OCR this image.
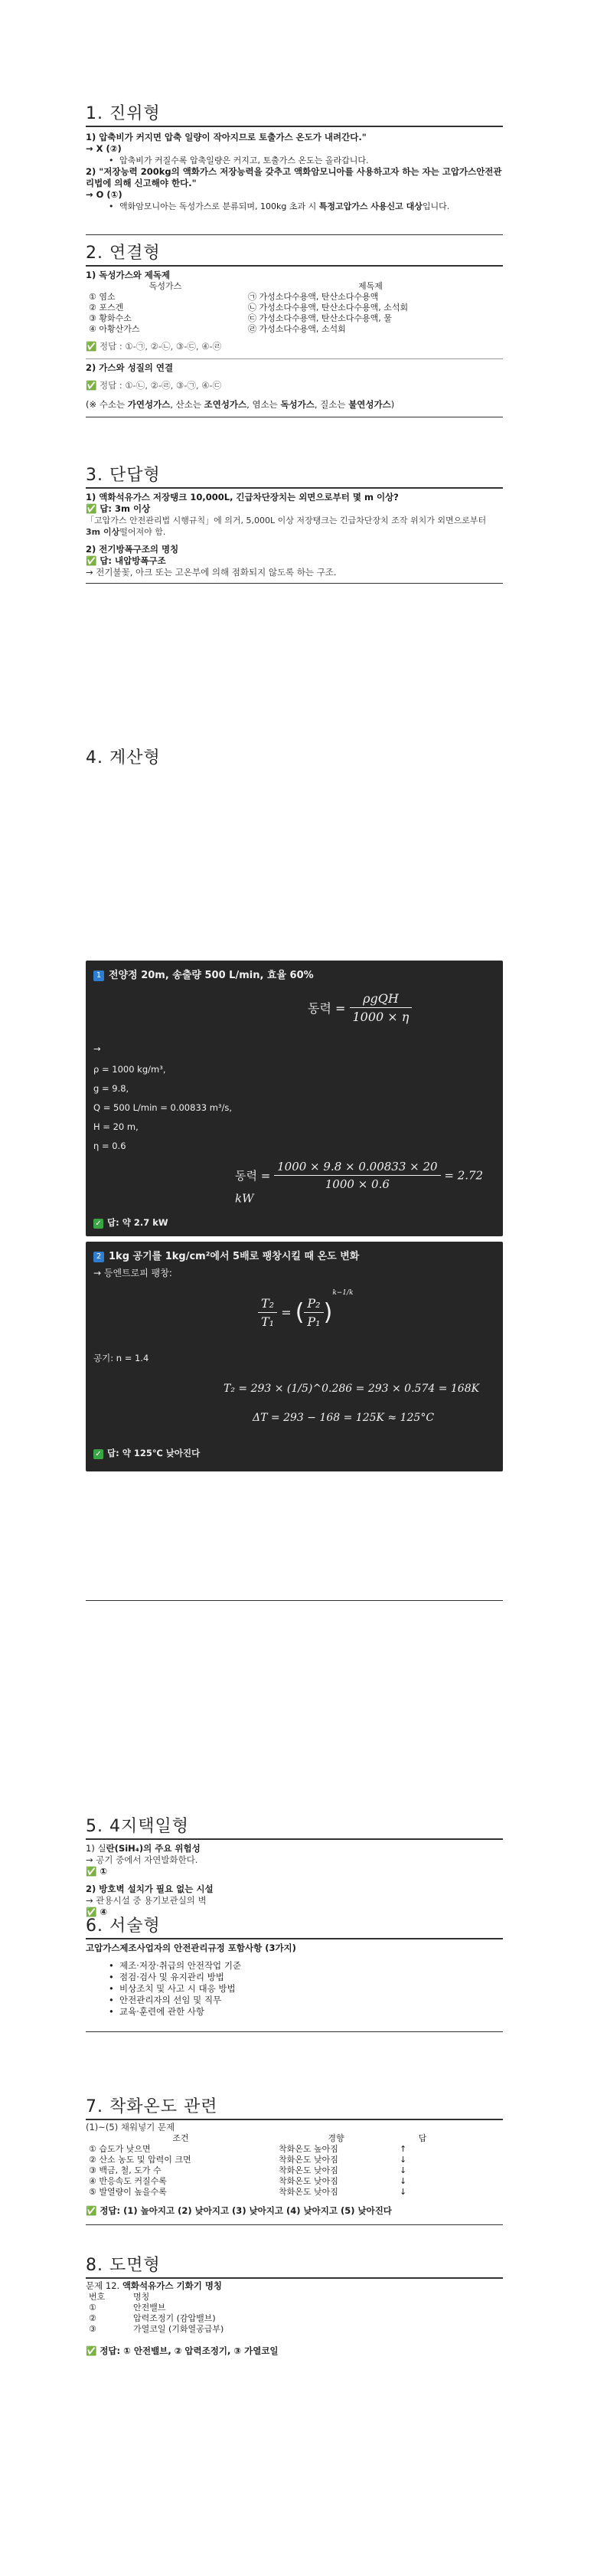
1. 진위형

1) 압축비가 커지면 압축 일량이 작아지므로 토출가스 온도가 내려간다."

→ X (②)

• 압축비가 커질수록 압축일량은 커지고, 토출가스 온도는 올라갑니다.

2) "저장능력 200kg의 액화가스 저장능력을 갖추고 액화암모니아를 사용하고자 하는 자는 고압가스안전관리법에 의해 신고해야 한다."

→ O (①)

• 액화암모니아는 독성가스로 분류되며, 100kg 초과 시 특정고압가스 사용신고 대상입니다.

2. 연결형

1) 독성가스와 제독제

독성가스	제독제
① 염소	㉠ 가성소다수용액, 탄산소다수용액
② 포스겐	㉡ 가성소다수용액, 탄산소다수용액, 소석회
③ 황화수소	㉢ 가성소다수용액, 탄산소다수용액, 물
④ 아황산가스	㉣ 가성소다수용액, 소석회

✅ 정답 : ①-㉠, ②-㉡, ③-㉢, ④-㉣

2) 가스와 성질의 연결

✅ 정답 : ①-㉡, ②-㉣, ③-㉠, ④-㉢

(※ 수소는 가연성가스, 산소는 조연성가스, 염소는 독성가스, 질소는 불연성가스)

3. 단답형

1) 액화석유가스 저장탱크 10,000L, 긴급차단장치는 외면으로부터 몇 m 이상?

✅ 답: 3m 이상

「고압가스 안전관리법 시행규칙」에 의거, 5,000L 이상 저장탱크는 긴급차단장치 조작 위치가 외면으로부터 3m 이상떨어져야 함.

2) 전기방폭구조의 명칭

✅ 답: 내압방폭구조

→ 전기불꽃, 아크 또는 고온부에 의해 점화되지 않도록 하는 구조.

4. 계산형
1 전양정 20m, 송출량 500 L/min, 효율 60%
동력 = $\frac{\text{ρgQH}}{1000 \times \eta}$
→
ρ = 1000 kg/m³,
g = 9.8,
Q = 500 L/min = 0.00833 m³/s,
H = 20 m,
η = 0.6
동력 = $\frac{1000 \times 9.8 \times 0.00833 \times 20}{1000 \times 0.6} = 2.72$ kW
✓ 답: 약 2.7 kW
2 1kg 공기를 1kg/cm²에서 5배로 팽창시킬 때 온도 변화
→ 등엔트로피 팽창:
$\frac{\text{T₂}}{\text{T₁}}$ = ( $\frac{\text{P₂}}{\text{P₁}} )^{k-1/k}$
공기: n = 1.4
T₂ = 293 × (1/5)^0.286 = 293 × 0.574 = 168K
ΔT = 293 − 168 = 125K ≈ 125°C
✓ 답: 약 125℃ 낮아진다
5. 4지택일형

1) 실란(SiH₄)의 주요 위험성

→ 공기 중에서 자연발화한다.

✅ ①

2) 방호벽 설치가 필요 없는 시설

→ 관용시설 중 용기보관실의 벽

✅ ④

6. 서술형

고압가스제조사업자의 안전관리규정 포함사항 (3가지)

• 제조·저장·취급의 안전작업 기준

• 점검·검사 및 유지관리 방법

• 비상조치 및 사고 시 대응 방법

• 안전관리자의 선임 및 직무

• 교육·훈련에 관한 사항

7. 착화온도 관련

(1)~(5) 채워넣기 문제

조건	경향	답
① 습도가 낮으면	착화온도 높아짐	↑
② 산소 농도 및 압력이 크면	착화온도 낮아짐	↓
③ 백금, 철, 도가 수	착화온도 낮아짐	↓
④ 반응속도 커질수록	착화온도 낮아짐	↓
⑤ 발열량이 높을수록	착화온도 낮아짐	↓

✅ 정답: (1) 높아지고 (2) 낮아지고 (3) 낮아지고 (4) 낮아지고 (5) 낮아진다

8. 도면형

문제 12. 액화석유가스 기화기 명칭

번호	명칭
①	안전밸브
②	압력조정기 (감압밸브)
③	가열코일 (기화열공급부)

✅ 정답: ① 안전밸브, ② 압력조정기, ③ 가열코일
